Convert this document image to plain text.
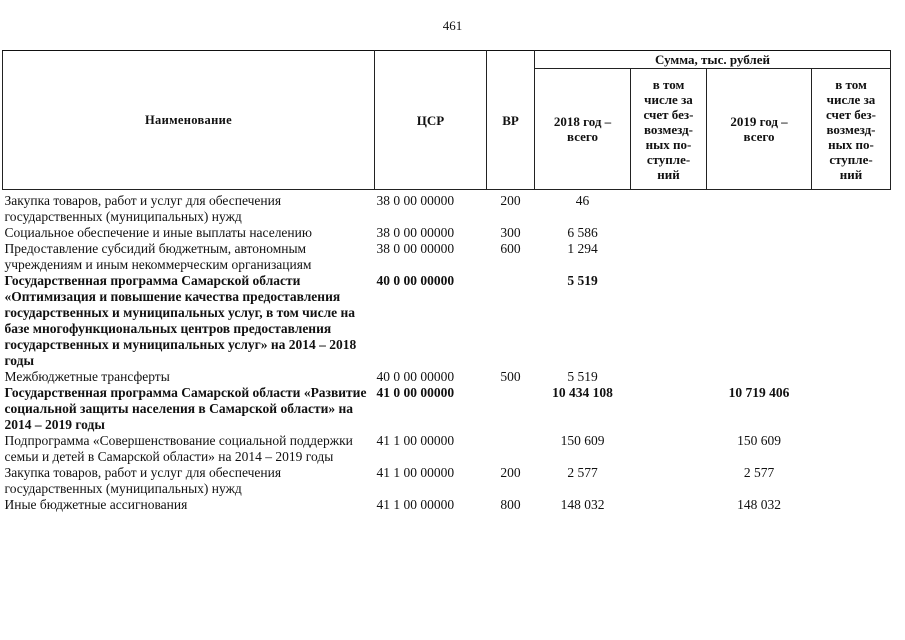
461
Наименование	ЦСР	ВР	Сумма, тыс. рублей			

			2018 год – всего	в том числе за счет без-возмезд-ных по-ступле-ний	2019 год – всего	в том числе за счет без-возмезд-ных по-ступле-ний

Закупка товаров, работ и услуг для обеспечения государственных (муниципальных) нужд	38 0 00 00000	200	46			
Социальное обеспечение и иные выплаты населению	38 0 00 00000	300	6 586			
Предоставление субсидий бюджетным, автономным учреждениям и иным некоммерческим организациям	38 0 00 00000	600	1 294			
Государственная программа Самарской области «Оптимизация и повышение качества предоставления государственных и муниципальных услуг, в том числе на базе многофункциональных центров предоставления государственных и муниципальных услуг» на 2014 – 2018 годы	40 0 00 00000		5 519			
Межбюджетные трансферты	40 0 00 00000	500	5 519			
Государственная программа Самарской области «Развитие социальной защиты населения в Самарской области» на 2014 – 2019 годы	41 0 00 00000		10 434 108		10 719 406	
Подпрограмма «Совершенствование социальной поддержки семьи и детей в Самарской области» на 2014 – 2019 годы	41 1 00 00000		150 609		150 609	
Закупка товаров, работ и услуг для обеспечения государственных (муниципальных) нужд	41 1 00 00000	200	2 577		2 577	
Иные бюджетные ассигнования	41 1 00 00000	800	148 032		148 032	
